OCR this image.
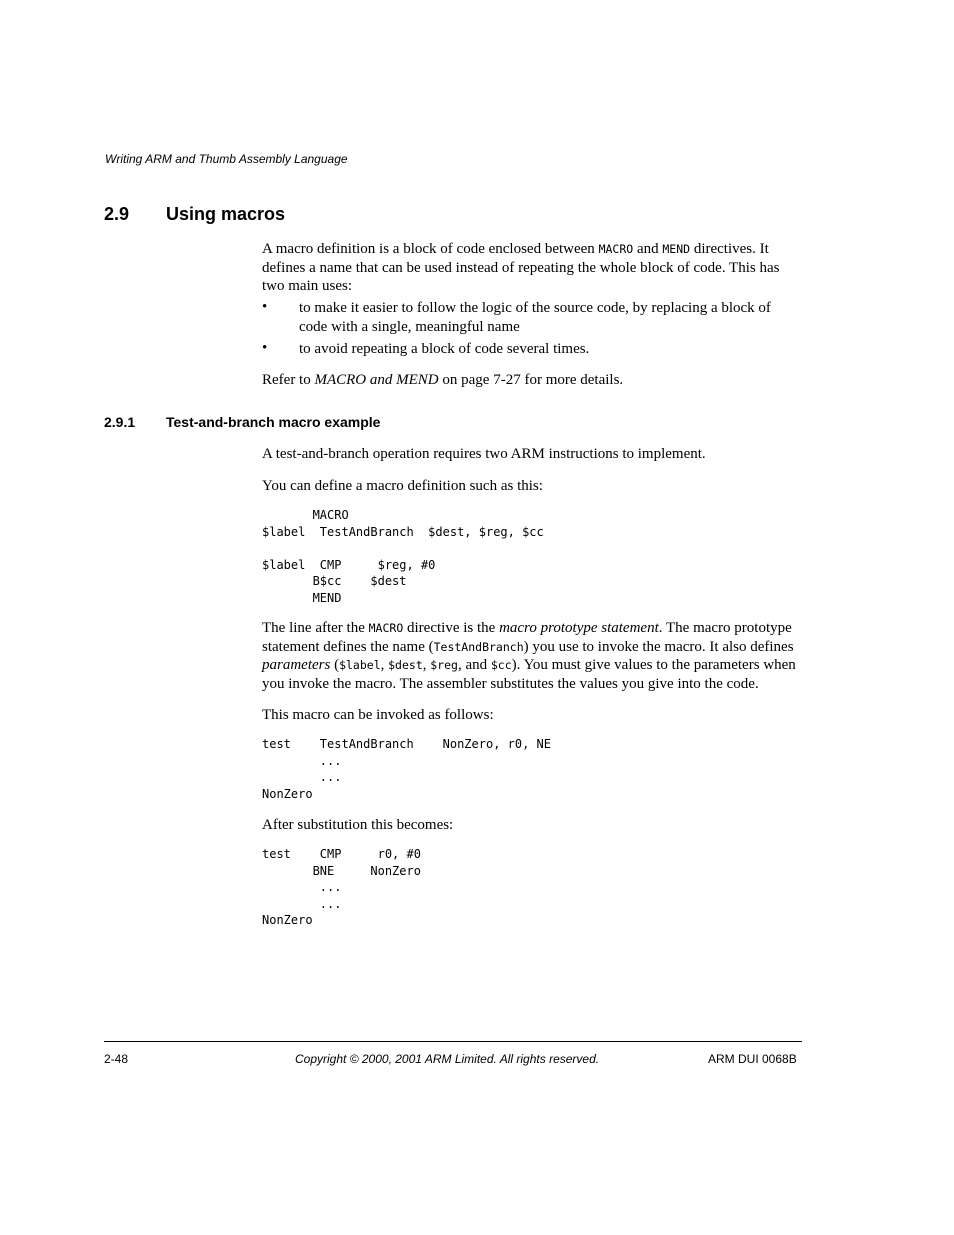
Writing ARM and Thumb Assembly Language
2.9 Using macros
A macro definition is a block of code enclosed between MACRO and MEND directives. It defines a name that can be used instead of repeating the whole block of code. This has two main uses:
• to make it easier to follow the logic of the source code, by replacing a block of code with a single, meaningful name
• to avoid repeating a block of code several times.
Refer to MACRO and MEND on page 7-27 for more details.
2.9.1 Test-and-branch macro example
A test-and-branch operation requires two ARM instructions to implement.
You can define a macro definition such as this:
MACRO
$label  TestAndBranch  $dest, $reg, $cc

$label  CMP     $reg, #0
B$cc    $dest
MEND
The line after the MACRO directive is the macro prototype statement. The macro prototype statement defines the name (TestAndBranch) you use to invoke the macro. It also defines parameters ($label, $dest, $reg, and $cc). You must give values to the parameters when you invoke the macro. The assembler substitutes the values you give into the code.
This macro can be invoked as follows:
test    TestAndBranch    NonZero, r0, NE
...
...
NonZero
After substitution this becomes:
test    CMP     r0, #0
BNE     NonZero
...
...
NonZero
2-48	Copyright © 2000, 2001 ARM Limited. All rights reserved.	ARM DUI 0068B
